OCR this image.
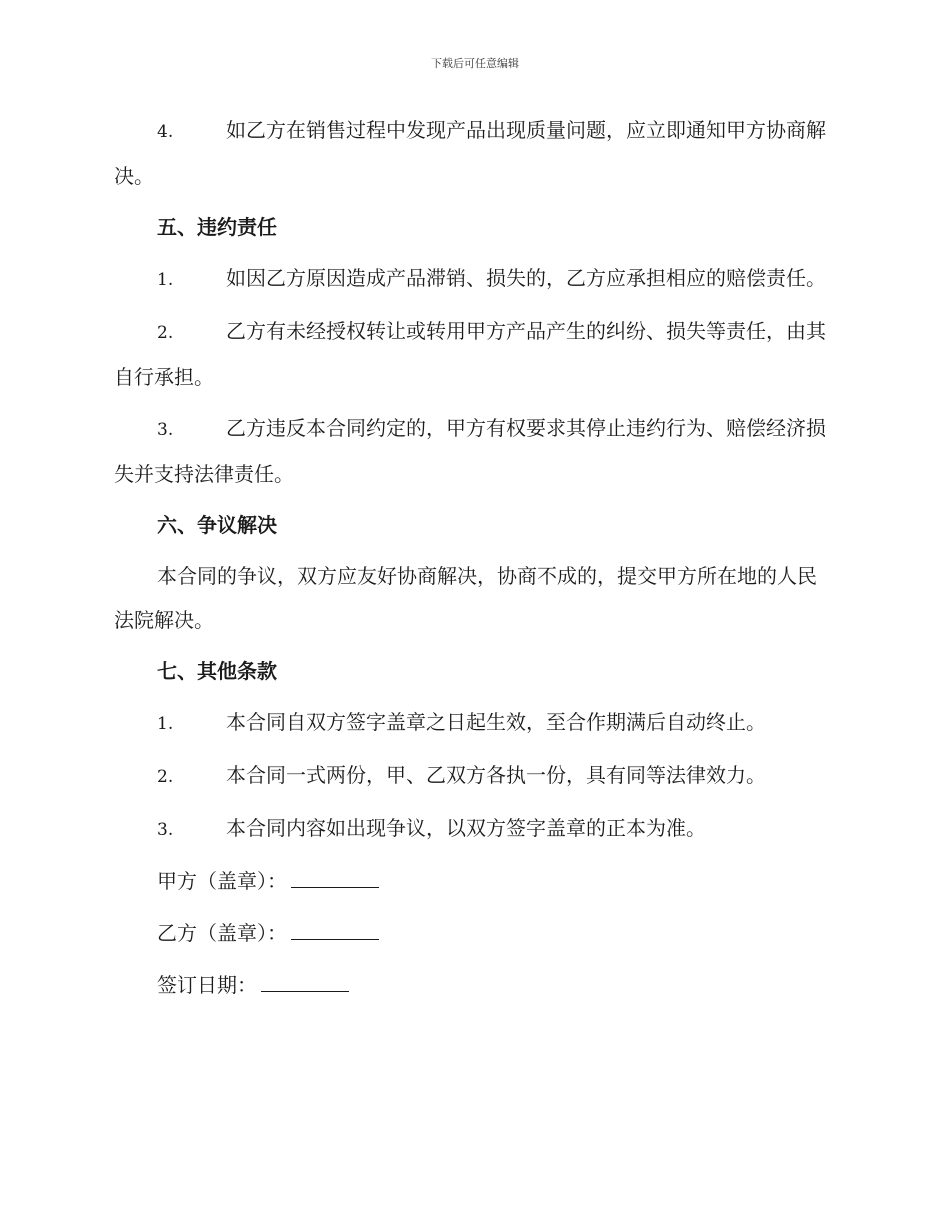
下载后可任意编辑
4.	如乙方在销售过程中发现产品出现质量问题，应立即通知甲方协商解决。
五、违约责任
1.	如因乙方原因造成产品滞销、损失的，乙方应承担相应的赔偿责任。
2.	乙方有未经授权转让或转用甲方产品产生的纠纷、损失等责任，由其自行承担。
3.	乙方违反本合同约定的，甲方有权要求其停止违约行为、赔偿经济损失并支持法律责任。
六、争议解决
本合同的争议，双方应友好协商解决，协商不成的，提交甲方所在地的人民法院解决。
七、其他条款
1.	本合同自双方签字盖章之日起生效，至合作期满后自动终止。
2.	本合同一式两份，甲、乙双方各执一份，具有同等法律效力。
3.	本合同内容如出现争议，以双方签字盖章的正本为准。
甲方（盖章）：
乙方（盖章）：
签订日期：
